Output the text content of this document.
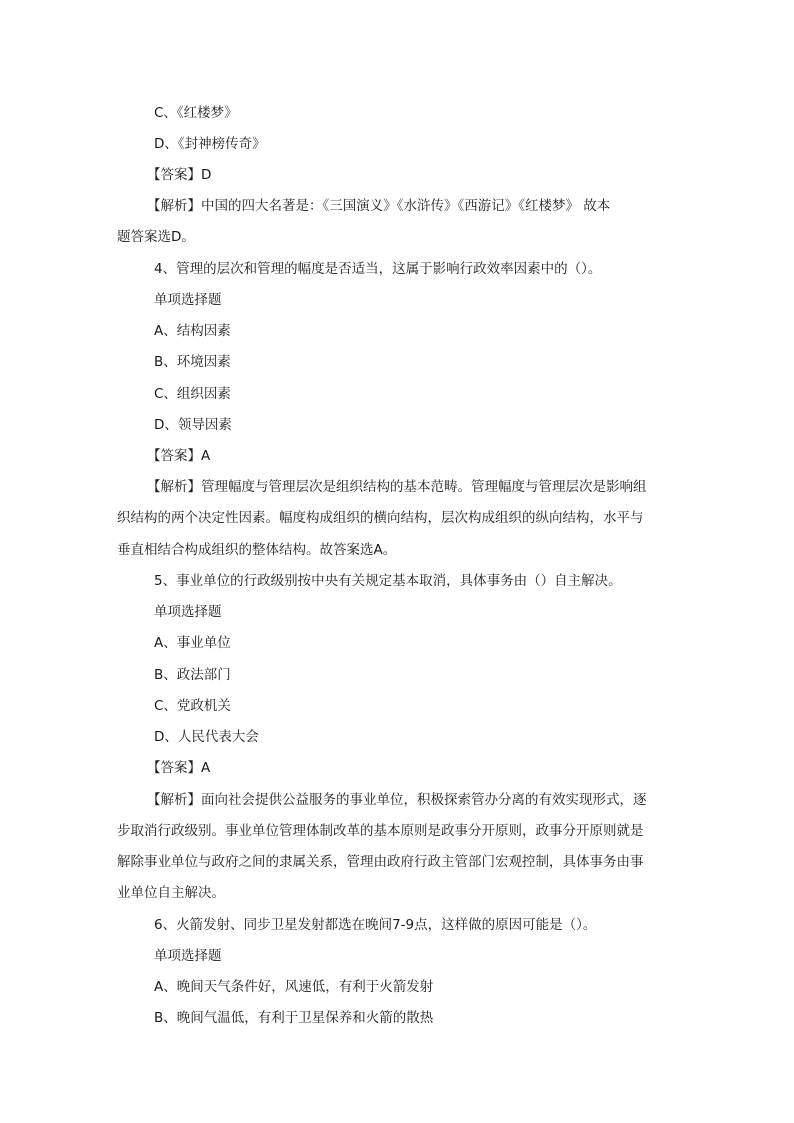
C、《红楼梦》
D、《封神榜传奇》
【答案】D
【解析】中国的四大名著是：《三国演义》《水浒传》《西游记》《红楼梦》 故本
题答案选D。
4、管理的层次和管理的幅度是否适当，这属于影响行政效率因素中的（）。
单项选择题
A、结构因素
B、环境因素
C、组织因素
D、领导因素
【答案】A
【解析】管理幅度与管理层次是组织结构的基本范畴。管理幅度与管理层次是影响组
织结构的两个决定性因素。幅度构成组织的横向结构，层次构成组织的纵向结构，水平与
垂直相结合构成组织的整体结构。故答案选A。
5、事业单位的行政级别按中央有关规定基本取消，具体事务由（）自主解决。
单项选择题
A、事业单位
B、政法部门
C、党政机关
D、人民代表大会
【答案】A
【解析】面向社会提供公益服务的事业单位，积极探索管办分离的有效实现形式，逐
步取消行政级别。事业单位管理体制改革的基本原则是政事分开原则，政事分开原则就是
解除事业单位与政府之间的隶属关系，管理由政府行政主管部门宏观控制，具体事务由事
业单位自主解决。
6、火箭发射、同步卫星发射都选在晚间7-9点，这样做的原因可能是（）。
单项选择题
A、晚间天气条件好，风速低，有利于火箭发射
B、晚间气温低，有利于卫星保养和火箭的散热
